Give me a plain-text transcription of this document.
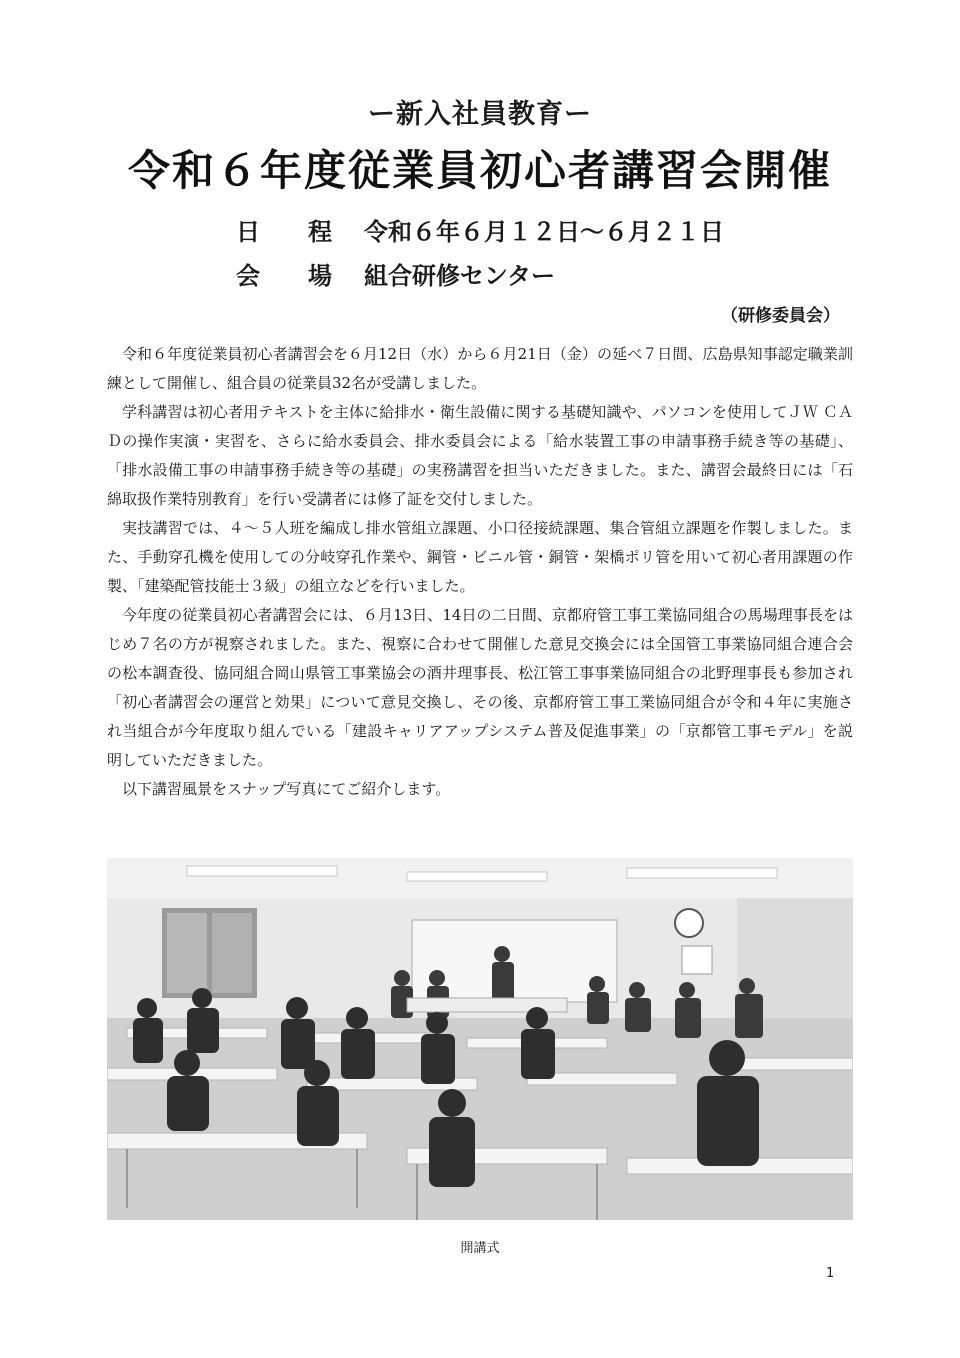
ー新入社員教育ー
令和６年度従業員初心者講習会開催
日　　程 令和６年６月１２日〜６月２１日
会　　場 組合研修センター
（研修委員会）

令和６年度従業員初心者講習会を６月12日（水）から６月21日（金）の延べ７日間、広島県知事認定職業訓練として開催し、組合員の従業員32名が受講しました。

学科講習は初心者用テキストを主体に給排水・衛生設備に関する基礎知識や、パソコンを使用してＪＷ ＣＡＤの操作実演・実習を、さらに給水委員会、排水委員会による「給水装置工事の申請事務手続き等の基礎」、「排水設備工事の申請事務手続き等の基礎」の実務講習を担当いただきました。また、講習会最終日には「石綿取扱作業特別教育」を行い受講者には修了証を交付しました。

実技講習では、４〜５人班を編成し排水管組立課題、小口径接続課題、集合管組立課題を作製しました。また、手動穿孔機を使用しての分岐穿孔作業や、鋼管・ビニル管・銅管・架橋ポリ管を用いて初心者用課題の作製、「建築配管技能士３級」の組立などを行いました。

今年度の従業員初心者講習会には、６月13日、14日の二日間、京都府管工事工業協同組合の馬場理事長をはじめ７名の方が視察されました。また、視察に合わせて開催した意見交換会には全国管工事業協同組合連合会の松本調査役、協同組合岡山県管工事業協会の酒井理事長、松江管工事事業協同組合の北野理事長も参加され「初心者講習会の運営と効果」について意見交換し、その後、京都府管工事工業協同組合が令和４年に実施され当組合が今年度取り組んでいる「建設キャリアアップシステム普及促進事業」の「京都管工事モデル」を説明していただきました。

以下講習風景をスナップ写真にてご紹介します。

開講式
1
